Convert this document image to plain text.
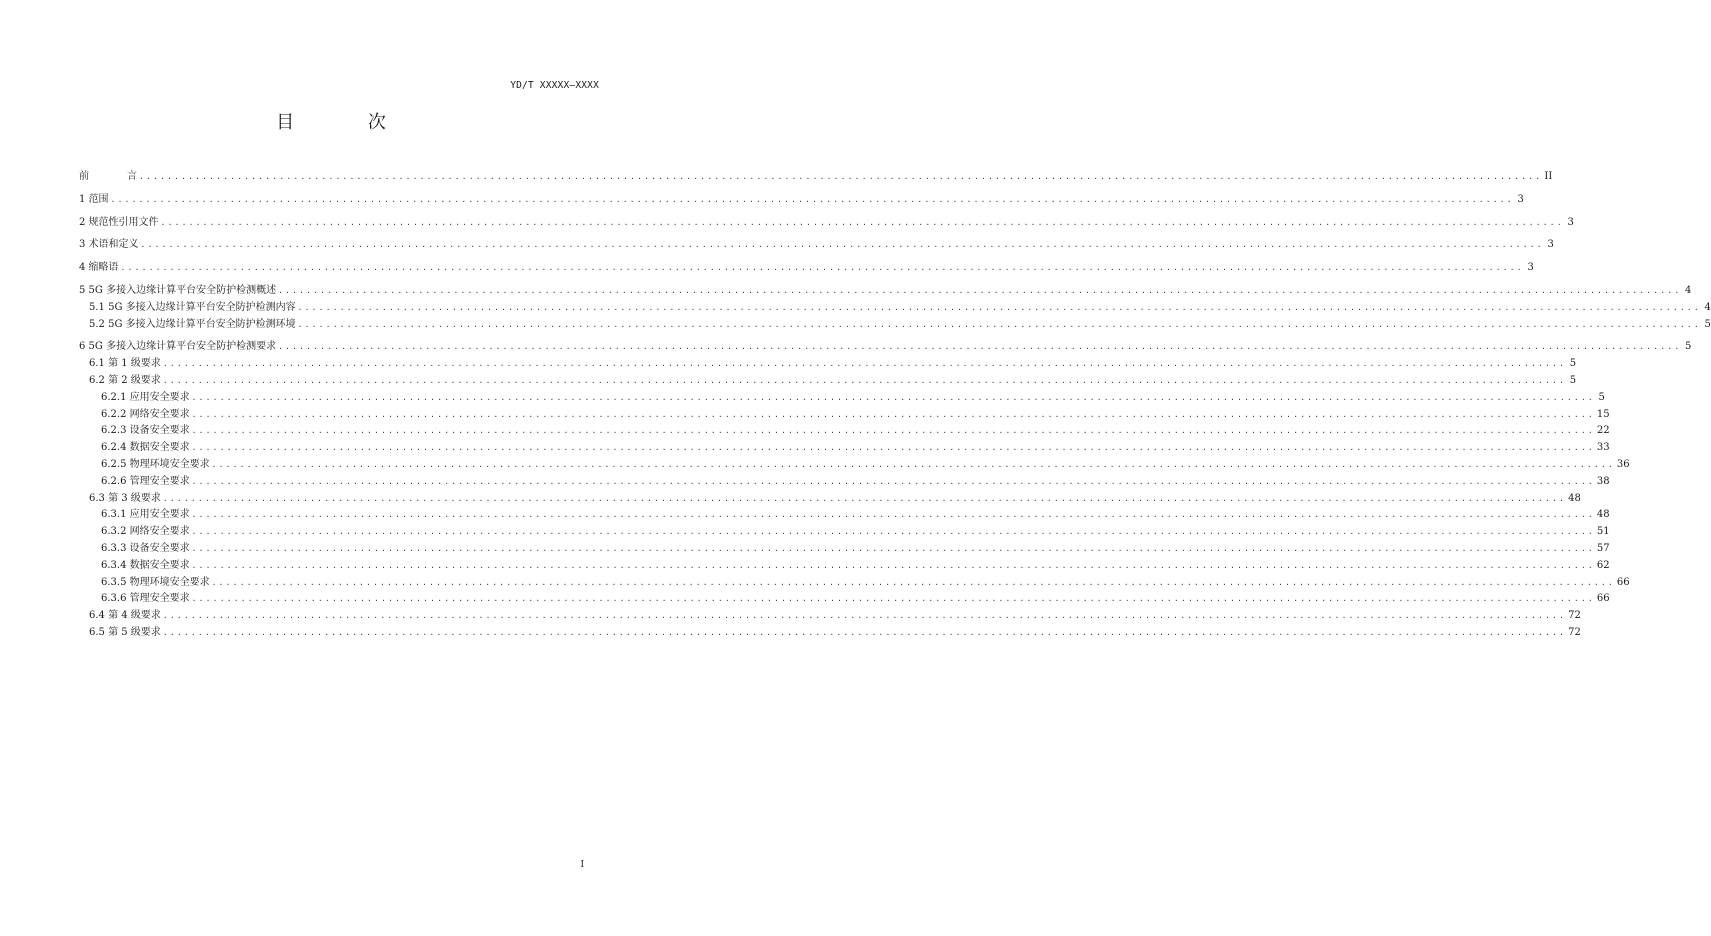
YD/T XXXXX—XXXX
目 次
前	言 ........................................................................................................................................................................................................ II
1 范围 ........................................................................................................................................................................................................ 3
2 规范性引用文件 ........................................................................................................................................................................................................ 3
3 术语和定义 ........................................................................................................................................................................................................ 3
4 缩略语 ........................................................................................................................................................................................................ 3
5 5G 多接入边缘计算平台安全防护检测概述 ........................................................................................................................................................................................................ 4
5.1 5G 多接入边缘计算平台安全防护检测内容 ........................................................................................................................................................................................................ 4
5.2 5G 多接入边缘计算平台安全防护检测环境 ........................................................................................................................................................................................................ 5
6 5G 多接入边缘计算平台安全防护检测要求 ........................................................................................................................................................................................................ 5
6.1 第 1 级要求 ........................................................................................................................................................................................................ 5
6.2 第 2 级要求 ........................................................................................................................................................................................................ 5
6.2.1 应用安全要求 ........................................................................................................................................................................................................ 5
6.2.2 网络安全要求 ........................................................................................................................................................................................................ 15
6.2.3 设备安全要求 ........................................................................................................................................................................................................ 22
6.2.4 数据安全要求 ........................................................................................................................................................................................................ 33
6.2.5 物理环境安全要求 ........................................................................................................................................................................................................ 36
6.2.6 管理安全要求 ........................................................................................................................................................................................................ 38
6.3 第 3 级要求 ........................................................................................................................................................................................................ 48
6.3.1 应用安全要求 ........................................................................................................................................................................................................ 48
6.3.2 网络安全要求 ........................................................................................................................................................................................................ 51
6.3.3 设备安全要求 ........................................................................................................................................................................................................ 57
6.3.4 数据安全要求 ........................................................................................................................................................................................................ 62
6.3.5 物理环境安全要求 ........................................................................................................................................................................................................ 66
6.3.6 管理安全要求 ........................................................................................................................................................................................................ 66
6.4 第 4 级要求 ........................................................................................................................................................................................................ 72
6.5 第 5 级要求 ........................................................................................................................................................................................................ 72
I
